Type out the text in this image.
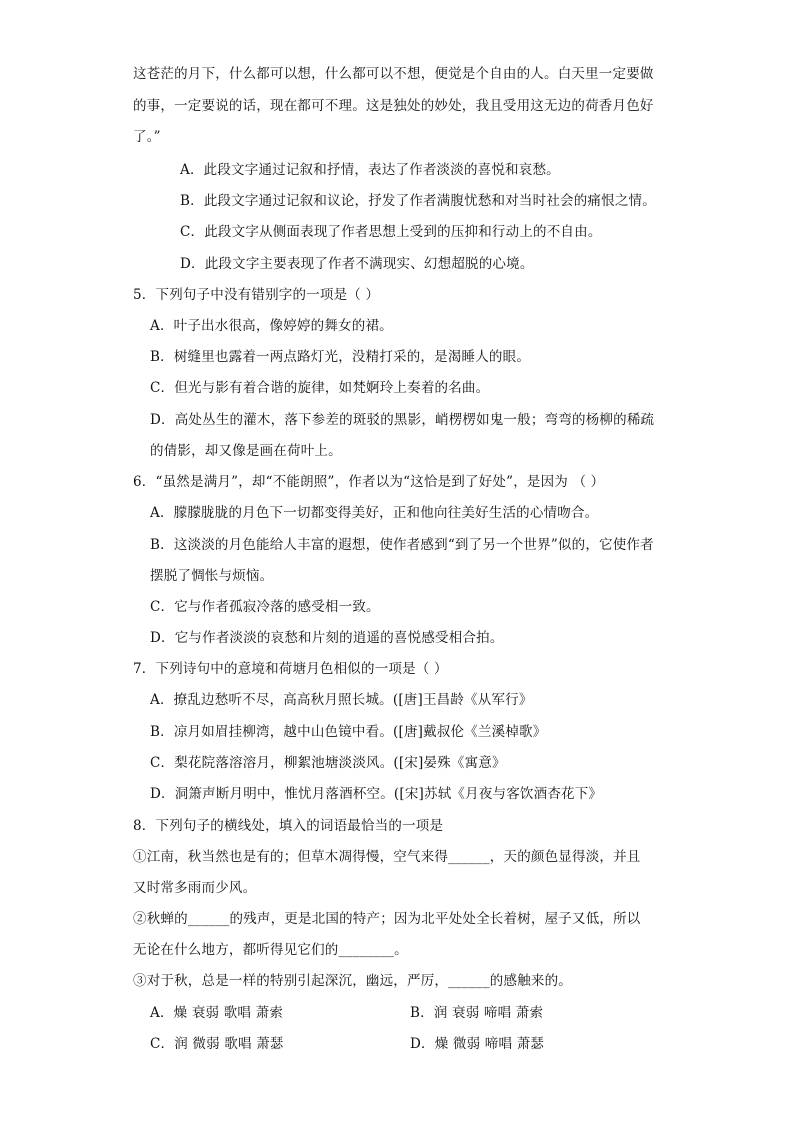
这苍茫的月下，什么都可以想，什么都可以不想，便觉是个自由的人。白天里一定要做
的事，一定要说的话，现在都可不理。这是独处的妙处，我且受用这无边的荷香月色好
了。”
A．此段文字通过记叙和抒情，表达了作者淡淡的喜悦和哀愁。
B．此段文字通过记叙和议论，抒发了作者满腹忧愁和对当时社会的痛恨之情。
C．此段文字从侧面表现了作者思想上受到的压抑和行动上的不自由。
D．此段文字主要表现了作者不满现实、幻想超脱的心境。
5．下列句子中没有错别字的一项是（ ）
A．叶子出水很高，像婷婷的舞女的裙。
B．树缝里也露着一两点路灯光，没精打采的，是渴睡人的眼。
C．但光与影有着合谐的旋律，如梵婀玲上奏着的名曲。
D．高处丛生的灌木，落下参差的斑驳的黑影，峭楞楞如鬼一般；弯弯的杨柳的稀疏
的倩影，却又像是画在荷叶上。
6．“虽然是满月”，却“不能朗照”，作者以为“这恰是到了好处”，是因为 （ ）
A．朦朦胧胧的月色下一切都变得美好，正和他向往美好生活的心情吻合。
B．这淡淡的月色能给人丰富的遐想，使作者感到“到了另一个世界”似的，它使作者
摆脱了惆怅与烦恼。
C．它与作者孤寂冷落的感受相一致。
D．它与作者淡淡的哀愁和片刻的逍遥的喜悦感受相合拍。
7．下列诗句中的意境和荷塘月色相似的一项是（ ）
A．撩乱边愁听不尽，高高秋月照长城。([唐]王昌龄《从军行》
B．凉月如眉挂柳湾，越中山色镜中看。([唐]戴叔伦《兰溪棹歌》
C．梨花院落溶溶月，柳絮池塘淡淡风。([宋]晏殊《寓意》
D．洞箫声断月明中，惟忧月落酒杯空。([宋]苏轼《月夜与客饮酒杏花下》
8．下列句子的横线处，填入的词语最恰当的一项是
①江南，秋当然也是有的；但草木凋得慢，空气来得______，天的颜色显得淡，并且
又时常多雨而少风。
②秋蝉的______的残声，更是北国的特产；因为北平处处全长着树，屋子又低，所以
无论在什么地方，都听得见它们的________。
③对于秋，总是一样的特别引起深沉，幽远，严厉，______的感触来的。
A．燥 衰弱 歌唱 萧索	B．润 衰弱 啼唱 萧索
C．润 微弱 歌唱 萧瑟	D．燥 微弱 啼唱 萧瑟
